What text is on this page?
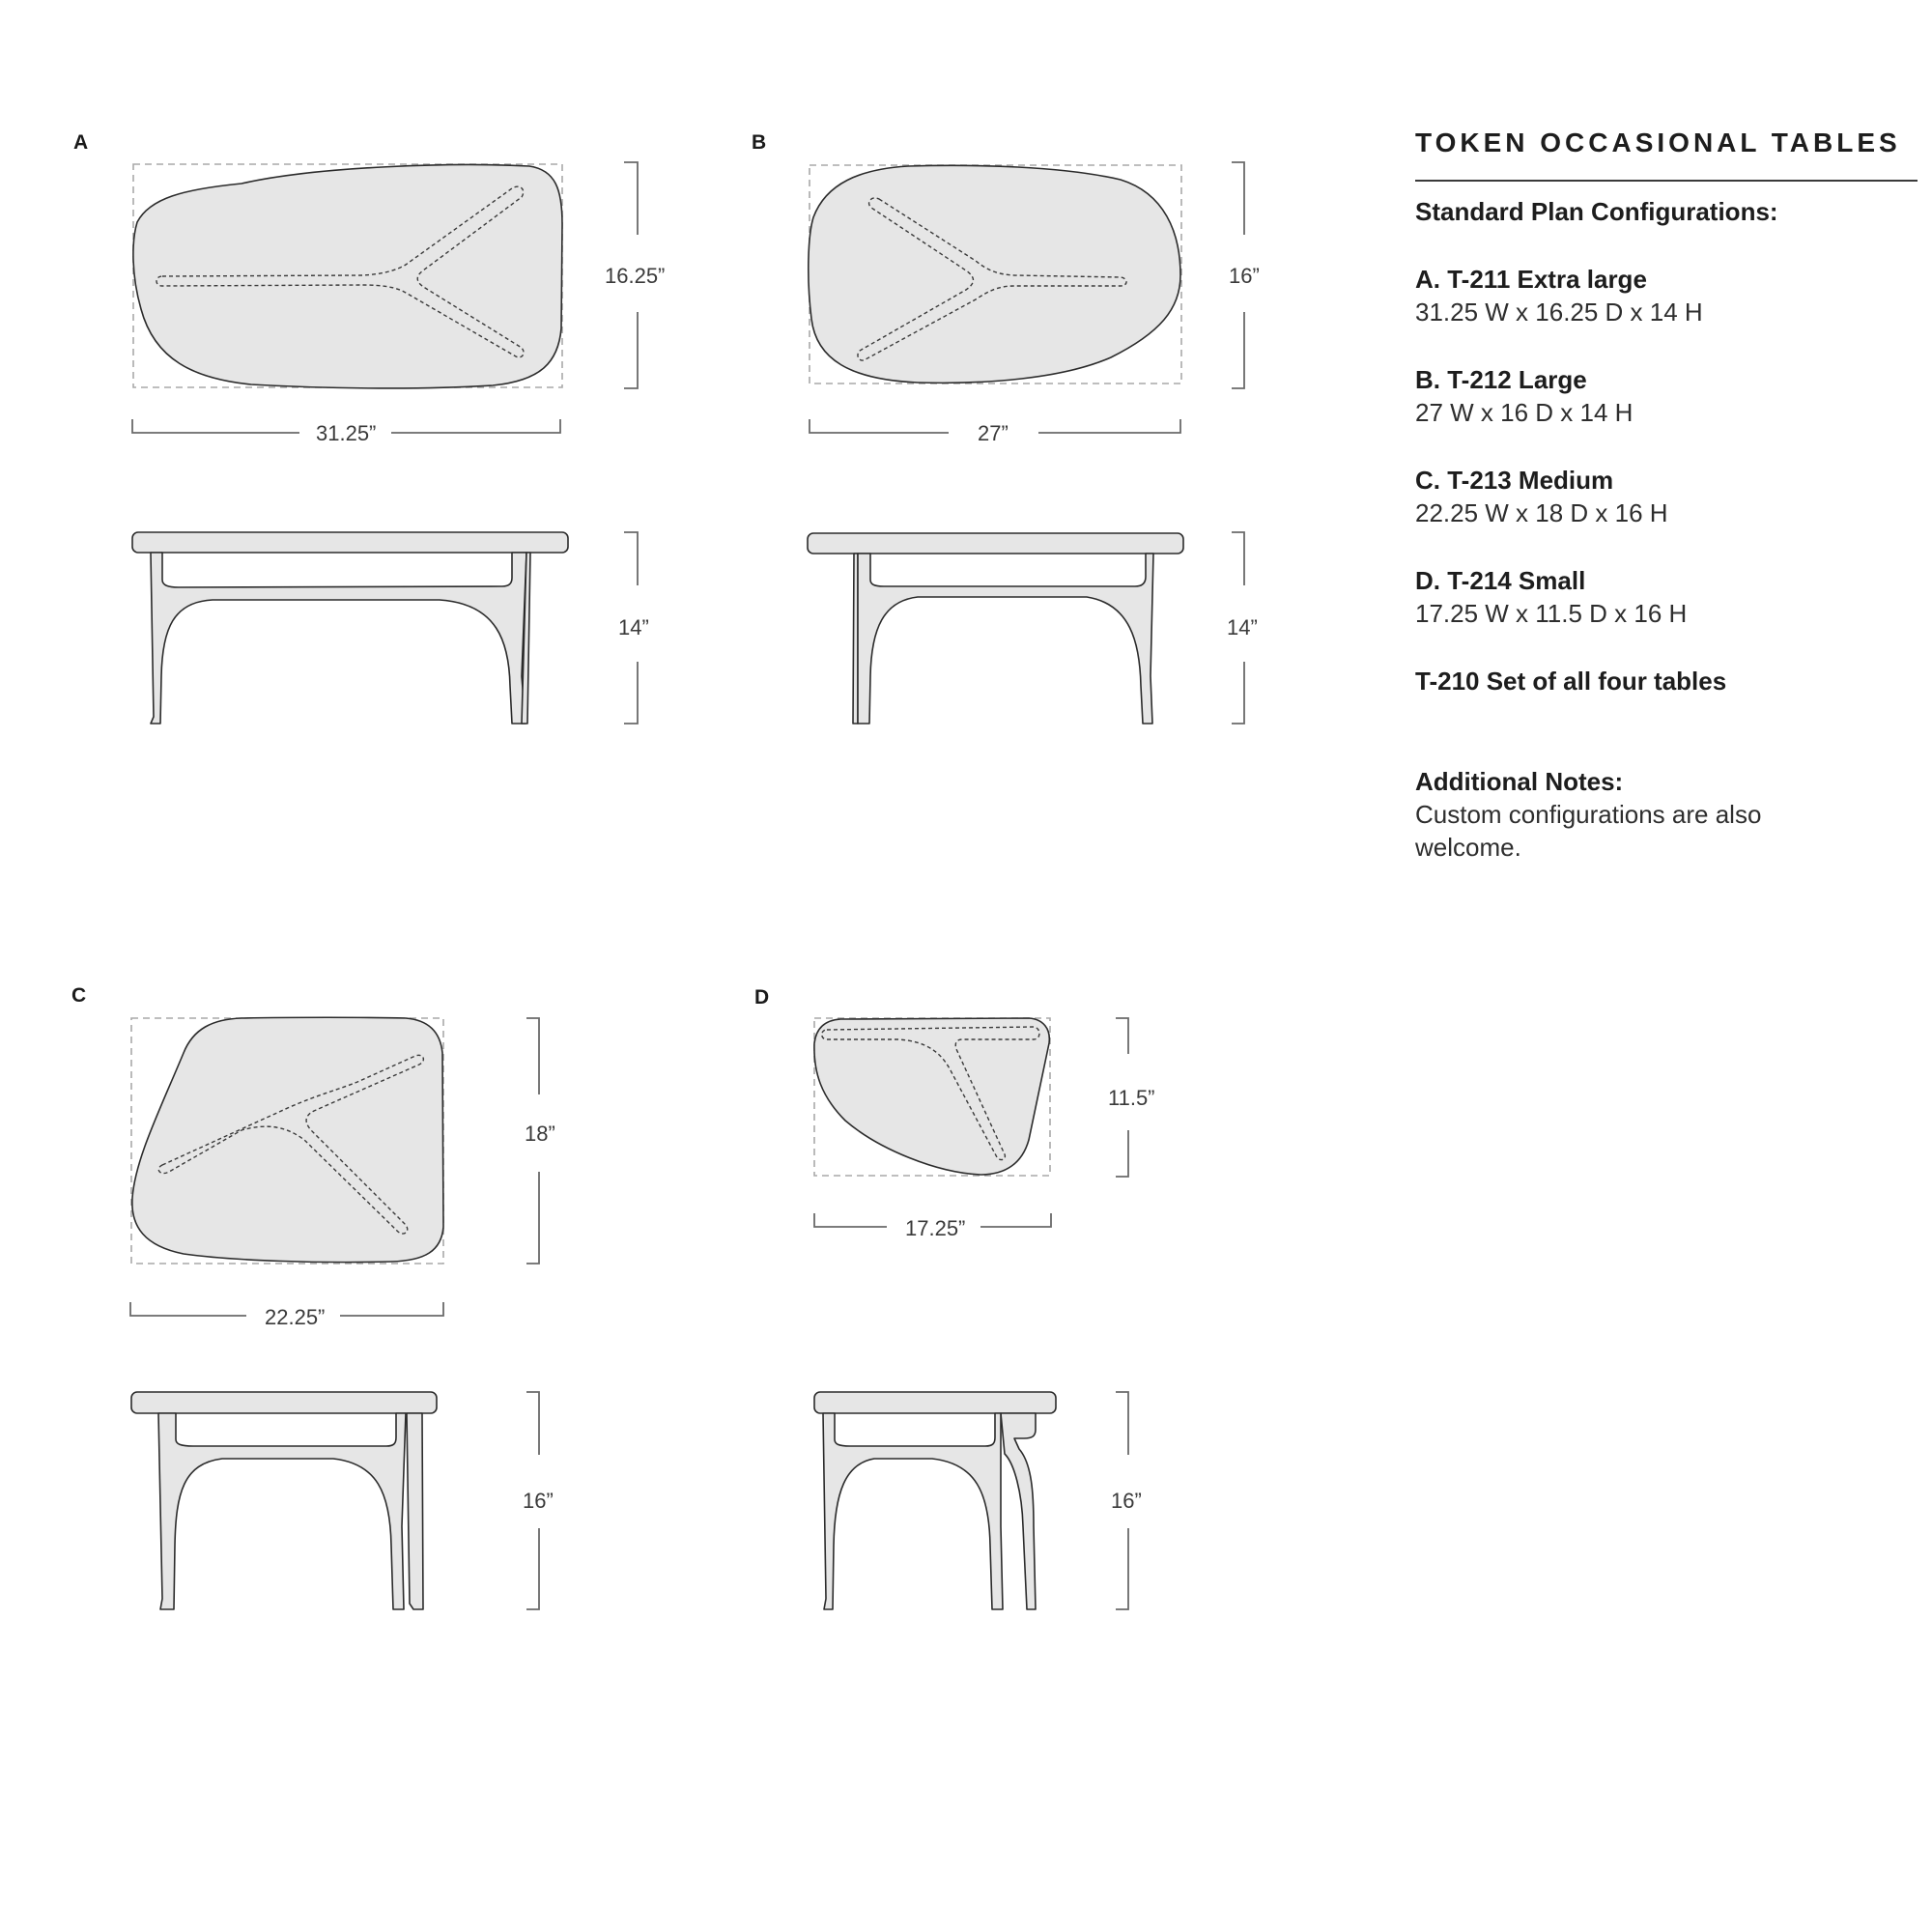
A
16.25”
31.25”
14”
B
16”
27”
14”
C
18”
22.25”
16”
D
11.5”
17.25”
16”
TOKEN OCCASIONAL TABLES
Standard Plan Configurations:
A. T-211 Extra large
31.25 W x 16.25 D x 14 H
B. T-212 Large
27 W x 16 D x 14 H
C. T-213 Medium
22.25 W x 18 D x 16 H
D. T-214 Small
17.25 W x 11.5 D x 16 H
T-210 Set of all four tables
Additional Notes:
Custom configurations are also welcome.
